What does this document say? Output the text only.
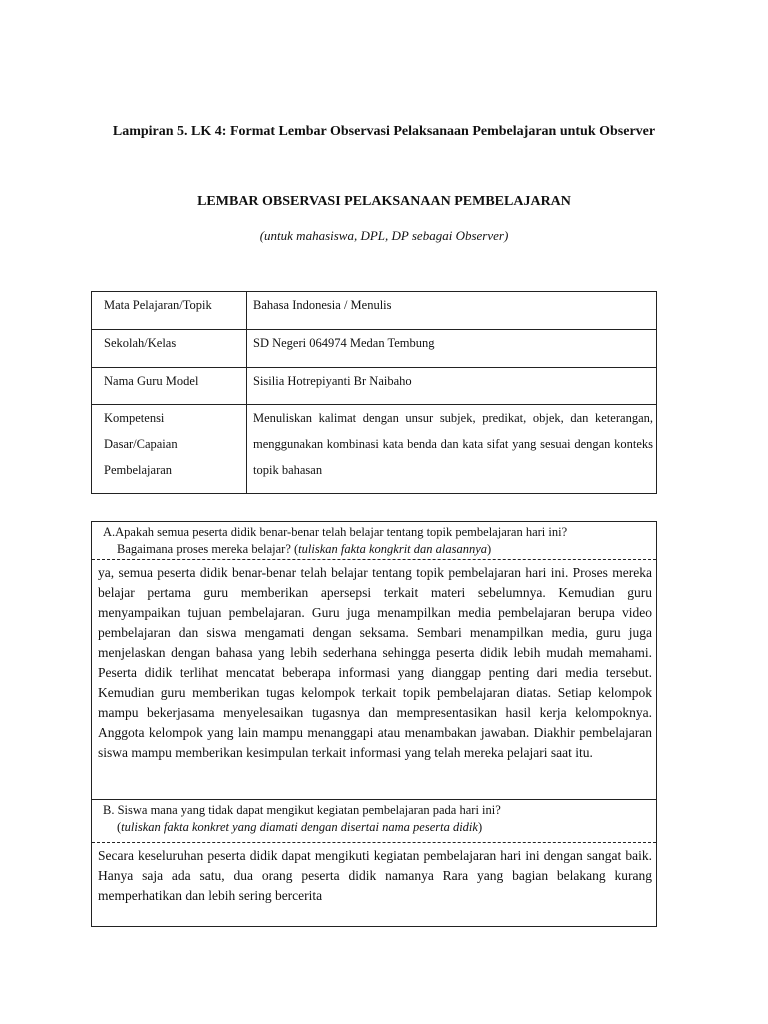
Lampiran 5. LK 4: Format Lembar Observasi Pelaksanaan Pembelajaran untuk Observer
LEMBAR OBSERVASI PELAKSANAAN PEMBELAJARAN
(untuk mahasiswa, DPL, DP sebagai Observer)
Mata Pelajaran/Topik	Bahasa Indonesia / Menulis
Sekolah/Kelas	SD Negeri 064974 Medan Tembung
Nama Guru Model	Sisilia Hotrepiyanti Br Naibaho

Kompetensi
Dasar/Capaian
Pembelajaran	Menuliskan kalimat dengan unsur subjek, predikat, objek, dan keterangan, menggunakan kombinasi kata benda dan kata sifat yang sesuai dengan konteks topik bahasan
A.Apakah semua peserta didik benar-benar telah belajar tentang topik pembelajaran hari ini?
Bagaimana proses mereka belajar? (tuliskan fakta kongkrit dan alasannya)
ya, semua peserta didik benar-benar telah belajar tentang topik pembelajaran hari ini. Proses mereka belajar pertama guru memberikan apersepsi terkait materi sebelumnya. Kemudian guru menyampaikan tujuan pembelajaran. Guru juga menampilkan media pembelajaran berupa video pembelajaran dan siswa mengamati dengan seksama. Sembari menampilkan media, guru juga menjelaskan dengan bahasa yang lebih sederhana sehingga peserta didik lebih mudah memahami. Peserta didik terlihat mencatat beberapa informasi yang dianggap penting dari media tersebut. Kemudian guru memberikan tugas kelompok terkait topik pembelajaran diatas. Setiap kelompok mampu bekerjasama menyelesaikan tugasnya dan mempresentasikan hasil kerja kelompoknya. Anggota kelompok yang lain mampu menanggapi atau menambakan jawaban. Diakhir pembelajaran siswa mampu memberikan kesimpulan terkait informasi yang telah mereka pelajari saat itu.
B. Siswa mana yang tidak dapat mengikut kegiatan pembelajaran pada hari ini?
(tuliskan fakta konkret yang diamati dengan disertai nama peserta didik)
Secara keseluruhan peserta didik dapat mengikuti kegiatan pembelajaran hari ini dengan sangat baik. Hanya saja ada satu, dua orang peserta didik namanya Rara yang bagian belakang kurang memperhatikan dan lebih sering bercerita
